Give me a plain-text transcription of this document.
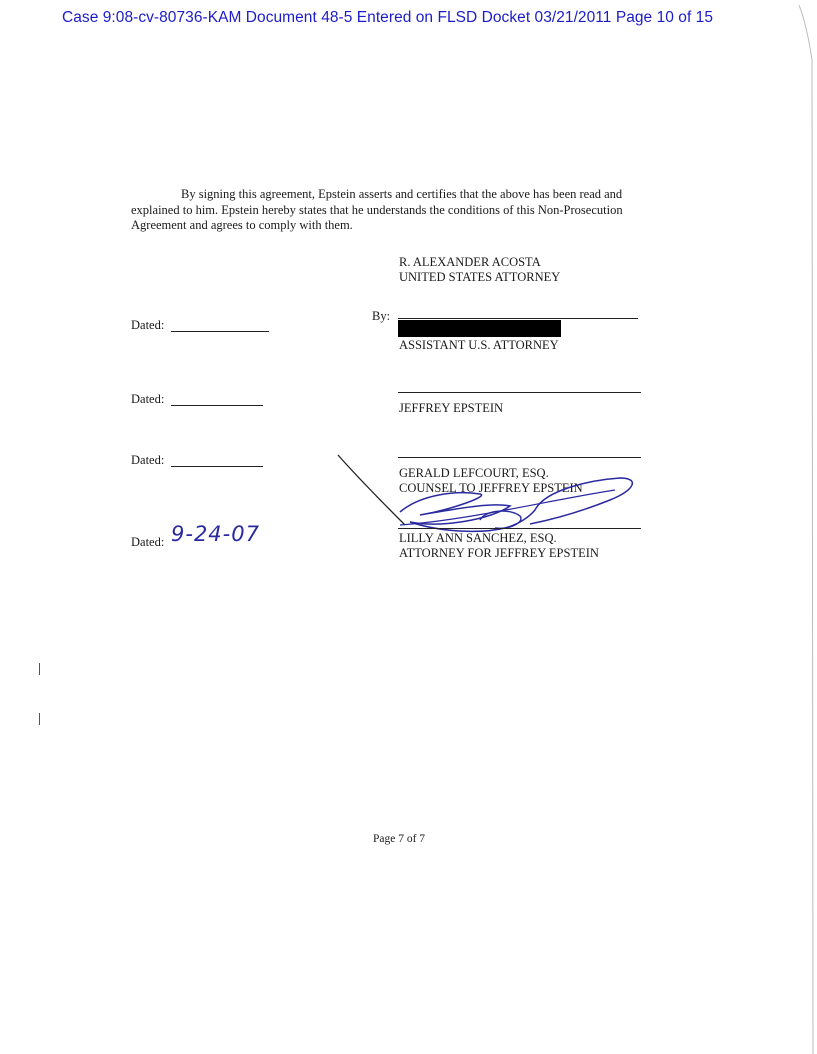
Case 9:08-cv-80736-KAM Document 48-5 Entered on FLSD Docket 03/21/2011 Page 10 of 15
By signing this agreement, Epstein asserts and certifies that the above has been read and explained to him. Epstein hereby states that he understands the conditions of this Non-Prosecution Agreement and agrees to comply with them.
R. ALEXANDER ACOSTA
UNITED STATES ATTORNEY
Dated:
By:
ASSISTANT U.S. ATTORNEY
Dated:
JEFFREY EPSTEIN
Dated:
GERALD LEFCOURT, ESQ.
COUNSEL TO JEFFREY EPSTEIN
Dated: 9-24-07	LILLY ANN SANCHEZ, ESQ.
ATTORNEY FOR JEFFREY EPSTEIN
Page 7 of 7
